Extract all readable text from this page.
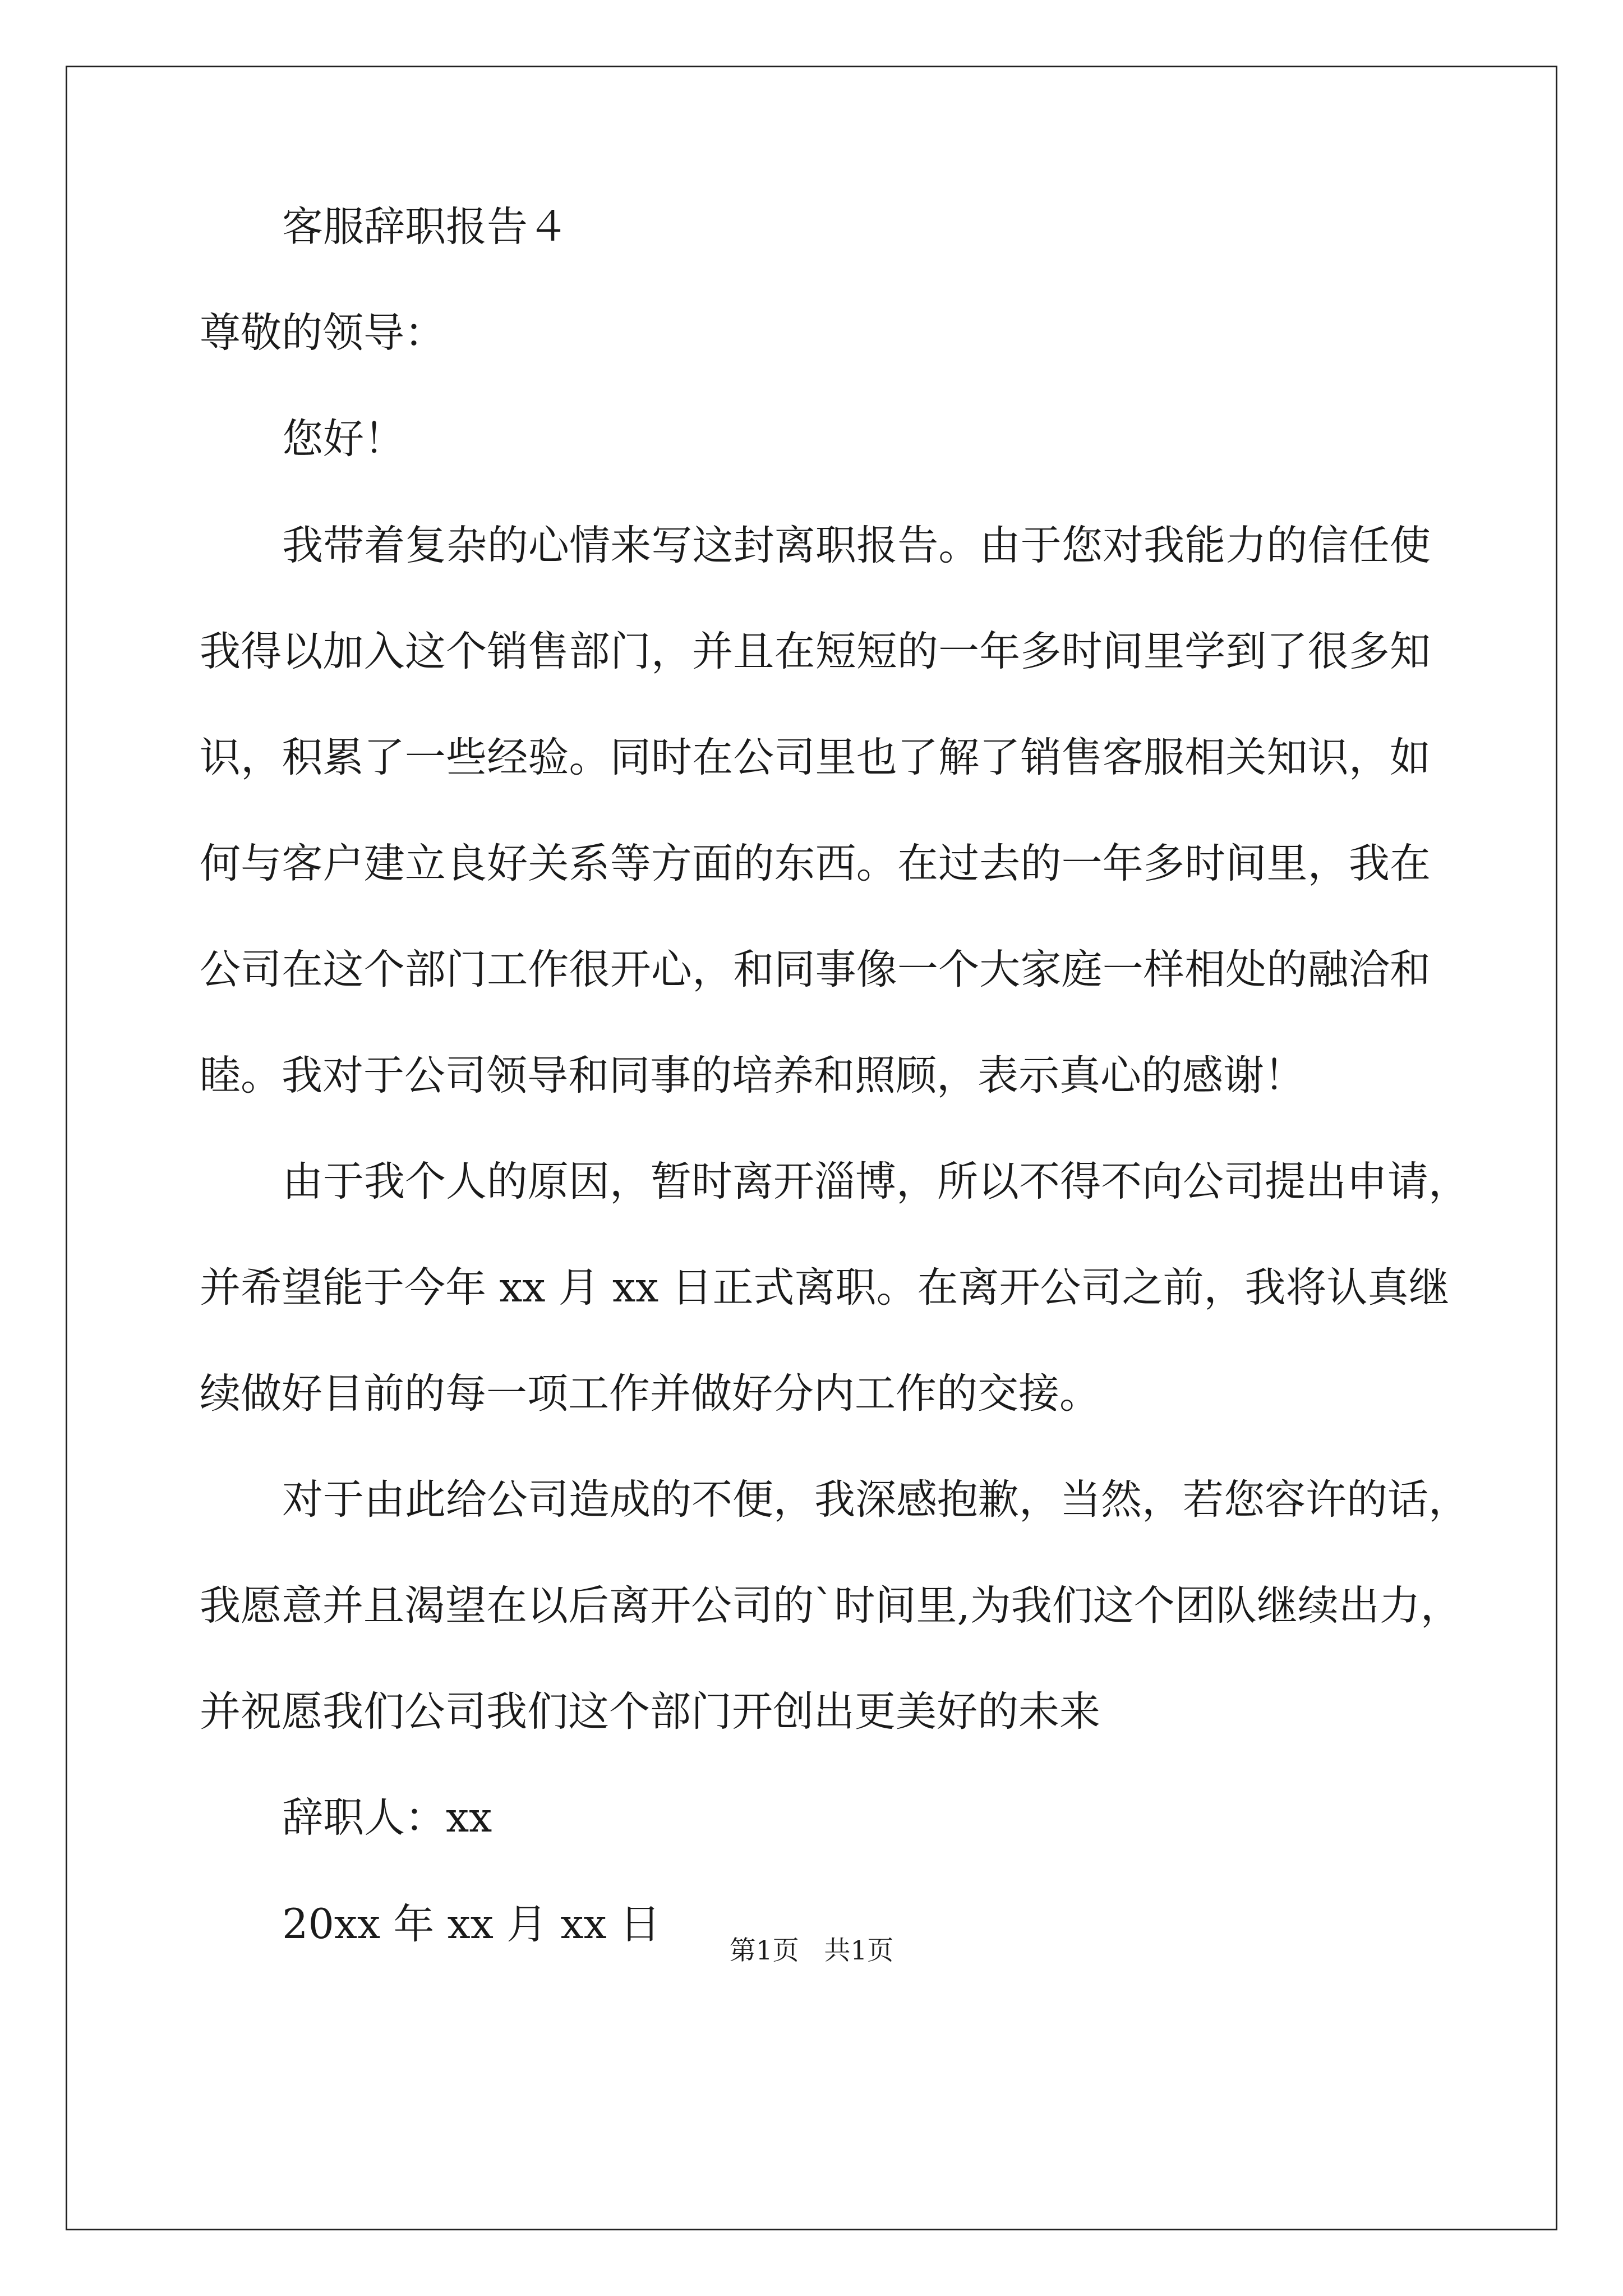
客服辞职报告４
尊敬的领导：
您好！
我带着复杂的心情来写这封离职报告。由于您对我能力的信任使
我得以加入这个销售部门，并且在短短的一年多时间里学到了很多知
识，积累了一些经验。同时在公司里也了解了销售客服相关知识，如
何与客户建立良好关系等方面的东西。在过去的一年多时间里，我在
公司在这个部门工作很开心，和同事像一个大家庭一样相处的融洽和
睦。我对于公司领导和同事的培养和照顾，表示真心的感谢！
由于我个人的原因，暂时离开淄博，所以不得不向公司提出申请，
并希望能于今年 xx 月 xx 日正式离职。在离开公司之前，我将认真继
续做好目前的每一项工作并做好分内工作的交接。
对于由此给公司造成的不便，我深感抱歉，当然，若您容许的话，
我愿意并且渴望在以后离开公司的`时间里,为我们这个团队继续出力，
并祝愿我们公司我们这个部门开创出更美好的未来
辞职人：xx
20xx 年 xx 月 xx 日
第1页   共1页
